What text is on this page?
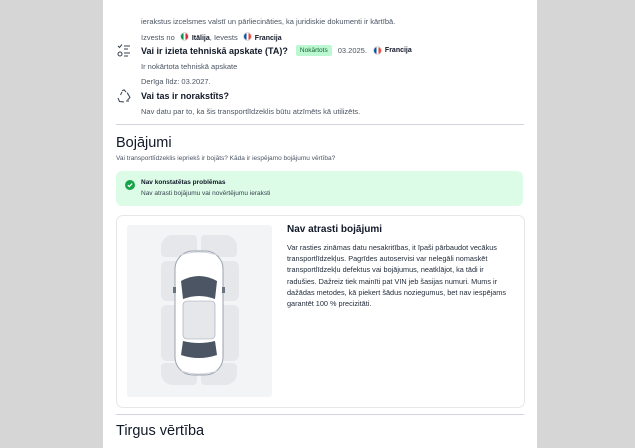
ierakstus izcelsmes valstī un pārliecināties, ka juridiskie dokumenti ir kārtībā.
Izvests no Itālija, Ievests Francija
Vai ir izieta tehniskā apskate (TA)?	Nokārtots	03.2025.	Francija
Ir nokārtota tehniskā apskate
Derīga līdz: 03.2027.
Vai tas ir norakstīts?
Nav datu par to, ka šis transportlīdzeklis būtu atzīmēts kā utilizēts.
Bojājumi
Vai transportlīdzeklis iepriekš ir bojāts? Kāda ir iespējamo bojājumu vērtība?
Nav konstatētas problēmas
Nav atrasti bojājumu vai novērtējumu ieraksti
Nav atrasti bojājumi
Var rasties zināmas datu nesakritības, it īpaši pārbaudot vecākus transportlīdzekļus. Pagrīdes autoservisi var nelegāli nomaskēt transportlīdzekļu defektus vai bojājumus, neatklājot, ka tādi ir radušies. Dažreiz tiek mainīti pat VIN jeb šasijas numuri. Mums ir dažādas metodes, kā piekert šādus noziegumus, bet nav iespējams garantēt 100 % precizitāti.
Tirgus vērtība
